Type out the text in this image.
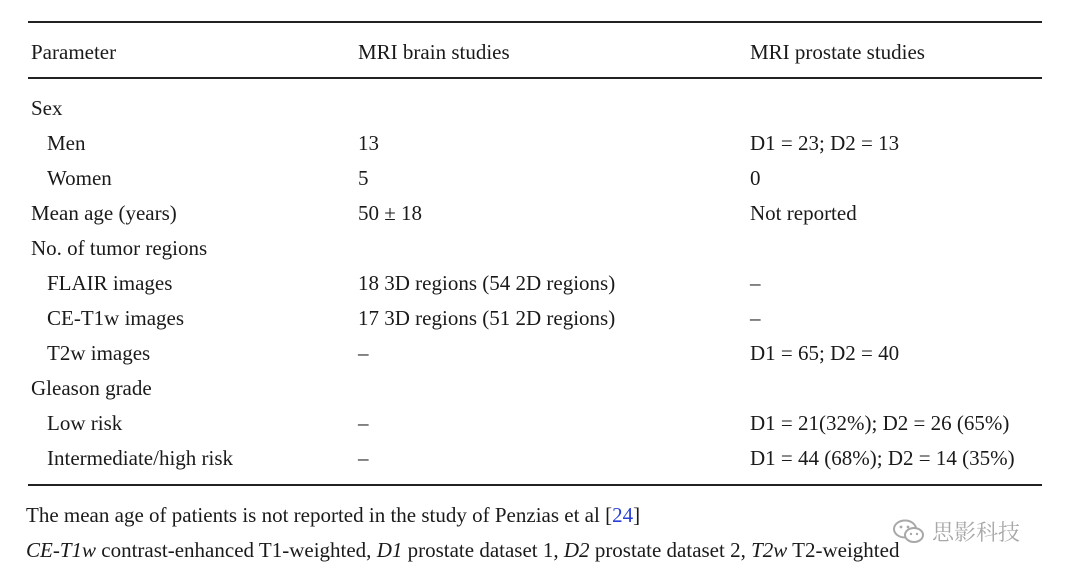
Parameter	MRI brain studies	MRI prostate studies
Sex
Men	13	D1 = 23; D2 = 13
Women	5	0
Mean age (years)	50 ± 18	Not reported
No. of tumor regions
FLAIR images	18 3D regions (54 2D regions)	–
CE-T1w images	17 3D regions (51 2D regions)	–
T2w images	–	D1 = 65; D2 = 40
Gleason grade
Low risk	–	D1 = 21(32%); D2 = 26 (65%)
Intermediate/high risk	–	D1 = 44 (68%); D2 = 14 (35%)
The mean age of patients is not reported in the study of Penzias et al [24]
CE-T1w contrast-enhanced T1-weighted, D1 prostate dataset 1, D2 prostate dataset 2, T2w T2-weighted
思影科技
